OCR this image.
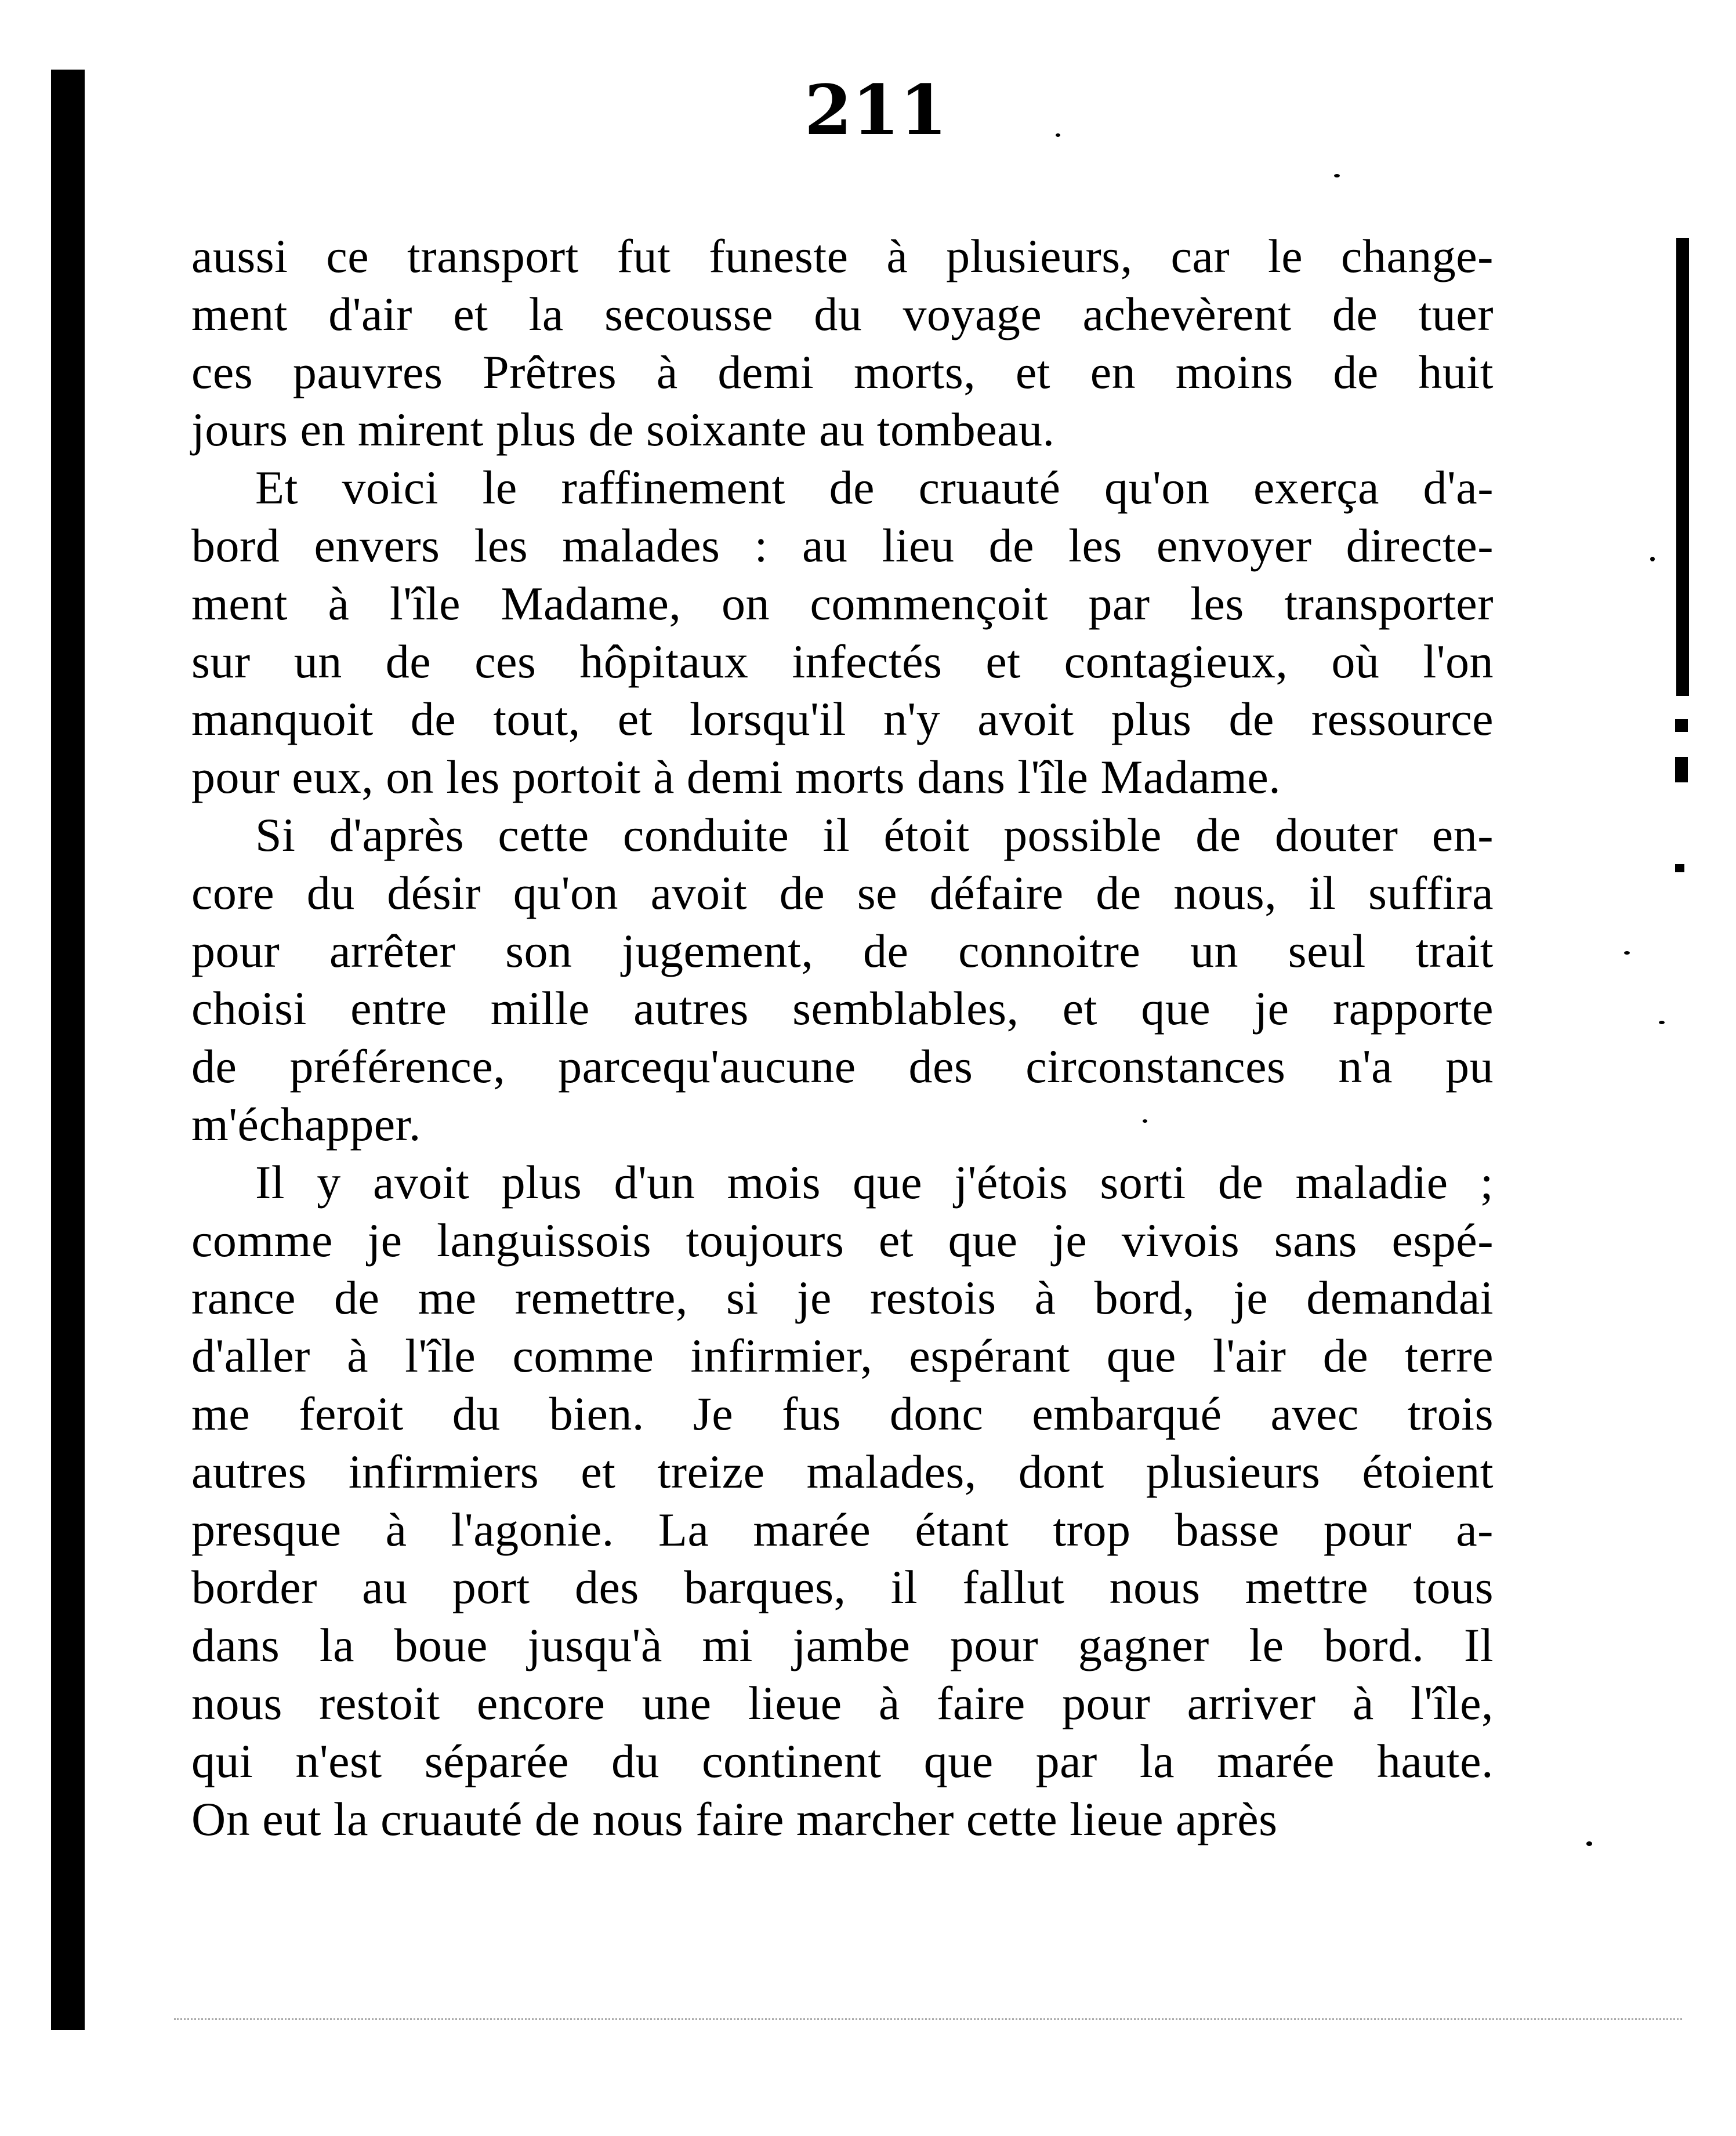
211
aussi ce transport fut funeste à plusieurs, car le change-
ment d'air et la secousse du voyage achevèrent de tuer
ces pauvres Prêtres à demi morts, et en moins de huit
jours en mirent plus de soixante au tombeau.
Et voici le raffinement de cruauté qu'on exerça d'a-
bord envers les malades : au lieu de les envoyer directe-
ment à l'île Madame, on commençoit par les transporter
sur un de ces hôpitaux infectés et contagieux, où l'on
manquoit de tout, et lorsqu'il n'y avoit plus de ressource
pour eux, on les portoit à demi morts dans l'île Madame.
Si d'après cette conduite il étoit possible de douter en-
core du désir qu'on avoit de se défaire de nous, il suffira
pour arrêter son jugement, de connoitre un seul trait
choisi entre mille autres semblables, et que je rapporte
de préférence, parcequ'aucune des circonstances n'a pu
m'échapper.
Il y avoit plus d'un mois que j'étois sorti de maladie ;
comme je languissois toujours et que je vivois sans espé-
rance de me remettre, si je restois à bord, je demandai
d'aller à l'île comme infirmier, espérant que l'air de terre
me feroit du bien. Je fus donc embarqué avec trois
autres infirmiers et treize malades, dont plusieurs étoient
presque à l'agonie. La marée étant trop basse pour a-
border au port des barques, il fallut nous mettre tous
dans la boue jusqu'à mi jambe pour gagner le bord. Il
nous restoit encore une lieue à faire pour arriver à l'île,
qui n'est séparée du continent que par la marée haute.
On eut la cruauté de nous faire marcher cette lieue après
